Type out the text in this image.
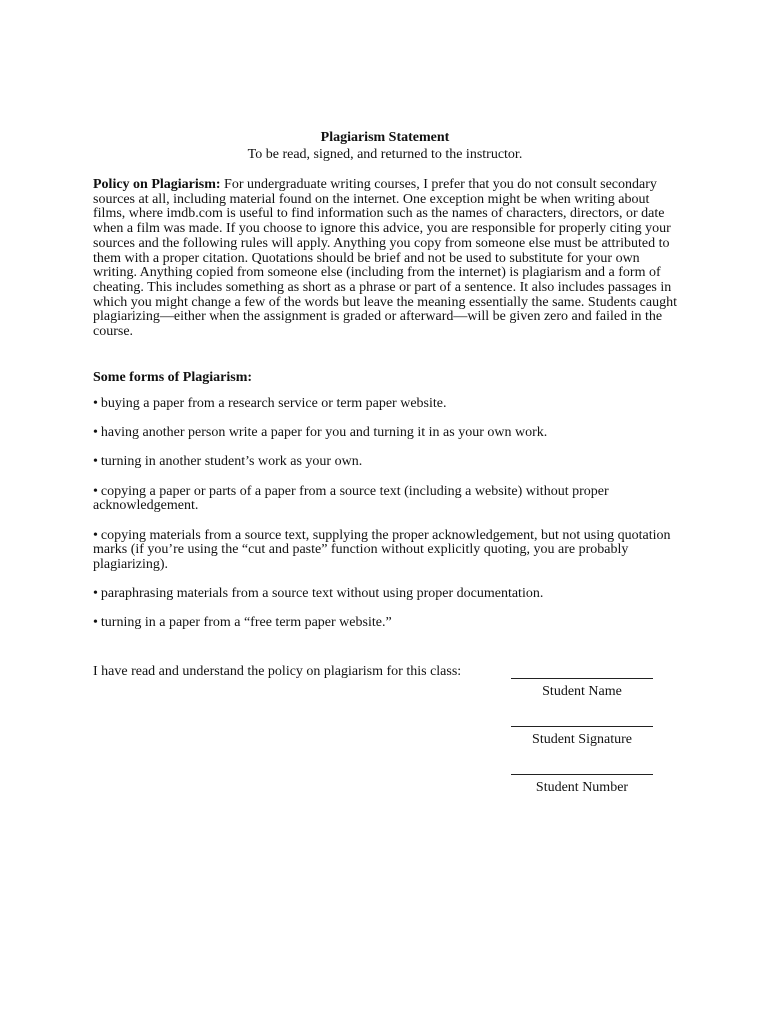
Plagiarism Statement
To be read, signed, and returned to the instructor.

Policy on Plagiarism: For undergraduate writing courses, I prefer that you do not consult secondary sources at all, including material found on the internet. One exception might be when writing about films, where imdb.com is useful to find information such as the names of characters, directors, or date when a film was made. If you choose to ignore this advice, you are responsible for properly citing your sources and the following rules will apply. Anything you copy from someone else must be attributed to them with a proper citation. Quotations should be brief and not be used to substitute for your own writing. Anything copied from someone else (including from the internet) is plagiarism and a form of cheating. This includes something as short as a phrase or part of a sentence. It also includes passages in which you might change a few of the words but leave the meaning essentially the same. Students caught plagiarizing—either when the assignment is graded or afterward—will be given zero and failed in the course.

Some forms of Plagiarism:
• buying a paper from a research service or term paper website.
• having another person write a paper for you and turning it in as your own work.
• turning in another student’s work as your own.
• copying a paper or parts of a paper from a source text (including a website) without proper acknowledgement.
• copying materials from a source text, supplying the proper acknowledgement, but not using quotation marks (if you’re using the “cut and paste” function without explicitly quoting, you are probably plagiarizing).
• paraphrasing materials from a source text without using proper documentation.
• turning in a paper from a “free term paper website.”
I have read and understand the policy on plagiarism for this class:
Student Name
Student Signature
Student Number
